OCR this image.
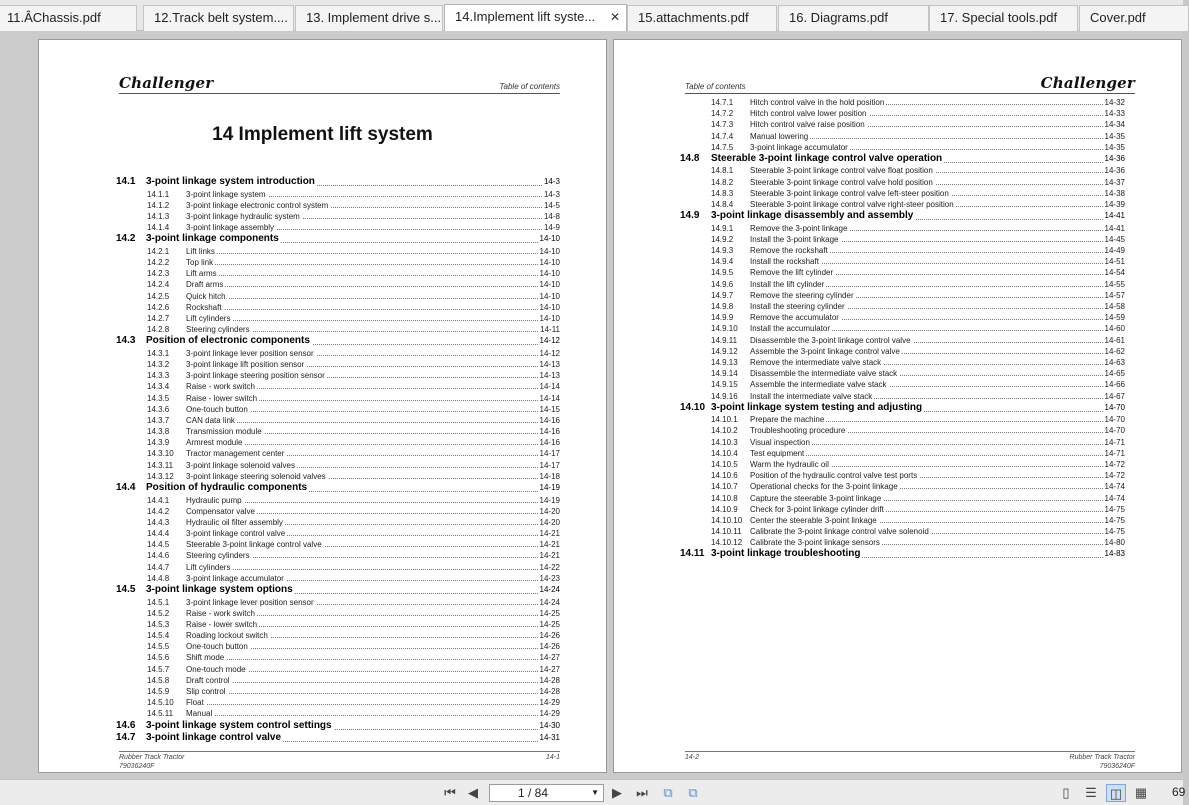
11.ÂChassis.pdf	12.Track belt system....	13. Implement drive s...	14.Implement lift syste... ✕	15.attachments.pdf	16. Diagrams.pdf	17. Special tools.pdf	Cover.pdf
Challenger	Table of contents
14 Implement lift system
14.1 3-point linkage system introduction	14-3
14.1.1 3-point linkage system	14-3
14.1.2 3-point linkage electronic control system	14-5
14.1.3 3-point linkage hydraulic system	14-8
14.1.4 3-point linkage assembly	14-9
14.2 3-point linkage components	14-10
14.2.1 Lift links	14-10
14.2.2 Top link	14-10
14.2.3 Lift arms	14-10
14.2.4 Draft arms	14-10
14.2.5 Quick hitch	14-10
14.2.6 Rockshaft	14-10
14.2.7 Lift cylinders	14-10
14.2.8 Steering cylinders	14-11
14.3 Position of electronic components	14-12
14.3.1 3-point linkage lever position sensor	14-12
14.3.2 3-point linkage lift position sensor	14-13
14.3.3 3-point linkage steering position sensor	14-13
14.3.4 Raise - work switch	14-14
14.3.5 Raise - lower switch	14-14
14.3.6 One-touch button	14-15
14.3.7 CAN data link	14-16
14.3.8 Transmission module	14-16
14.3.9 Armrest module	14-16
14.3.10 Tractor management center	14-17
14.3.11 3-point linkage solenoid valves	14-17
14.3.12 3-point linkage steering solenoid valves	14-18
14.4 Position of hydraulic components	14-19
14.4.1 Hydraulic pump	14-19
14.4.2 Compensator valve	14-20
14.4.3 Hydraulic oil filter assembly	14-20
14.4.4 3-point linkage control valve	14-21
14.4.5 Steerable 3-point linkage control valve	14-21
14.4.6 Steering cylinders	14-21
14.4.7 Lift cylinders	14-22
14.4.8 3-point linkage accumulator	14-23
14.5 3-point linkage system options	14-24
14.5.1 3-point linkage lever position sensor	14-24
14.5.2 Raise - work switch	14-25
14.5.3 Raise - lower switch	14-25
14.5.4 Roading lockout switch	14-26
14.5.5 One-touch button	14-26
14.5.6 Shift mode	14-27
14.5.7 One-touch mode	14-27
14.5.8 Draft control	14-28
14.5.9 Slip control	14-28
14.5.10 Float	14-29
14.5.11 Manual	14-29
14.6 3-point linkage system control settings	14-30
14.7 3-point linkage control valve	14-31
Rubber Track Tractor
79036240F
14-1
Table of contents	Challenger
14.7.1 Hitch control valve in the hold position	14-32
14.7.2 Hitch control valve lower position	14-33
14.7.3 Hitch control valve raise position	14-34
14.7.4 Manual lowering	14-35
14.7.5 3-point linkage accumulator	14-35
14.8 Steerable 3-point linkage control valve operation	14-36
14.8.1 Steerable 3-point linkage control valve float position	14-36
14.8.2 Steerable 3-point linkage control valve hold position	14-37
14.8.3 Steerable 3-point linkage control valve left-steer position	14-38
14.8.4 Steerable 3-point linkage control valve right-steer position	14-39
14.9 3-point linkage disassembly and assembly	14-41
14.9.1 Remove the 3-point linkage	14-41
14.9.2 Install the 3-point linkage	14-45
14.9.3 Remove the rockshaft	14-49
14.9.4 Install the rockshaft	14-51
14.9.5 Remove the lift cylinder	14-54
14.9.6 Install the lift cylinder	14-55
14.9.7 Remove the steering cylinder	14-57
14.9.8 Install the steering cylinder	14-58
14.9.9 Remove the accumulator	14-59
14.9.10 Install the accumulator	14-60
14.9.11 Disassemble the 3-point linkage control valve	14-61
14.9.12 Assemble the 3-point linkage control valve	14-62
14.9.13 Remove the intermediate valve stack	14-63
14.9.14 Disassemble the intermediate valve stack	14-65
14.9.15 Assemble the intermediate valve stack	14-66
14.9.16 Install the intermediate valve stack	14-67
14.10 3-point linkage system testing and adjusting	14-70
14.10.1 Prepare the machine	14-70
14.10.2 Troubleshooting procedure	14-70
14.10.3 Visual inspection	14-71
14.10.4 Test equipment	14-71
14.10.5 Warm the hydraulic oil	14-72
14.10.6 Position of the hydraulic control valve test ports	14-72
14.10.7 Operational checks for the 3-point linkage	14-74
14.10.8 Capture the steerable 3-point linkage	14-74
14.10.9 Check for 3-point linkage cylinder drift	14-75
14.10.10 Center the steerable 3-point linkage	14-75
14.10.11 Calibrate the 3-point linkage control valve solenoid	14-75
14.10.12 Calibrate the 3-point linkage sensors	14-80
14.11 3-point linkage troubleshooting	14-83
14-2	Rubber Track Tractor
79036240F
⏮ ◀	1 / 84	▼	▶	⏭	⧉	⧉	▯	☰	◫ ▦	69
